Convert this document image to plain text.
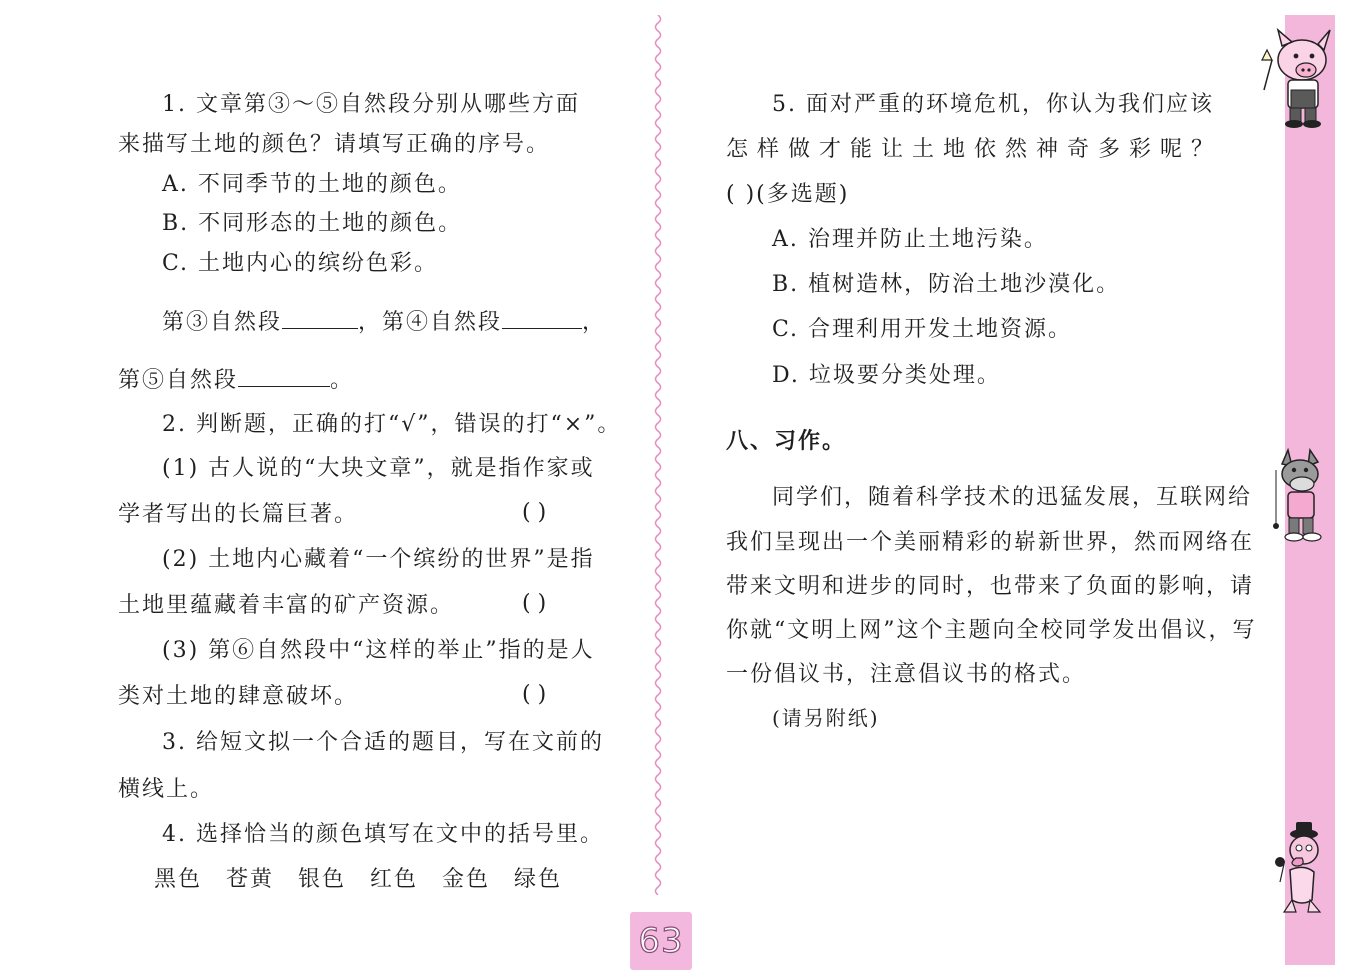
1. 文章第③～⑤自然段分别从哪些方面
来描写土地的颜色？请填写正确的序号。
A. 不同季节的土地的颜色。
B. 不同形态的土地的颜色。
C. 土地内心的缤纷色彩。
第③自然段	，第④自然段	，
第⑤自然段	。
2. 判断题，正确的打“√”，错误的打“×”。
(1) 古人说的“大块文章”，就是指作家或
学者写出的长篇巨著。	( )
(2) 土地内心藏着“一个缤纷的世界”是指
土地里蕴藏着丰富的矿产资源。	( )
(3) 第⑥自然段中“这样的举止”指的是人
类对土地的肆意破坏。	( )
3. 给短文拟一个合适的题目，写在文前的
横线上。
4. 选择恰当的颜色填写在文中的括号里。
黑色 苍黄 银色 红色 金色 绿色
5. 面对严重的环境危机，你认为我们应该
怎样做才能让土地依然神奇多彩呢？
( )(多选题)
A. 治理并防止土地污染。
B. 植树造林，防治土地沙漠化。
C. 合理利用开发土地资源。
D. 垃圾要分类处理。
八、习作。
同学们，随着科学技术的迅猛发展，互联网给
我们呈现出一个美丽精彩的崭新世界，然而网络在
带来文明和进步的同时，也带来了负面的影响，请
你就“文明上网”这个主题向全校同学发出倡议，写
一份倡议书，注意倡议书的格式。
(请另附纸)
63
